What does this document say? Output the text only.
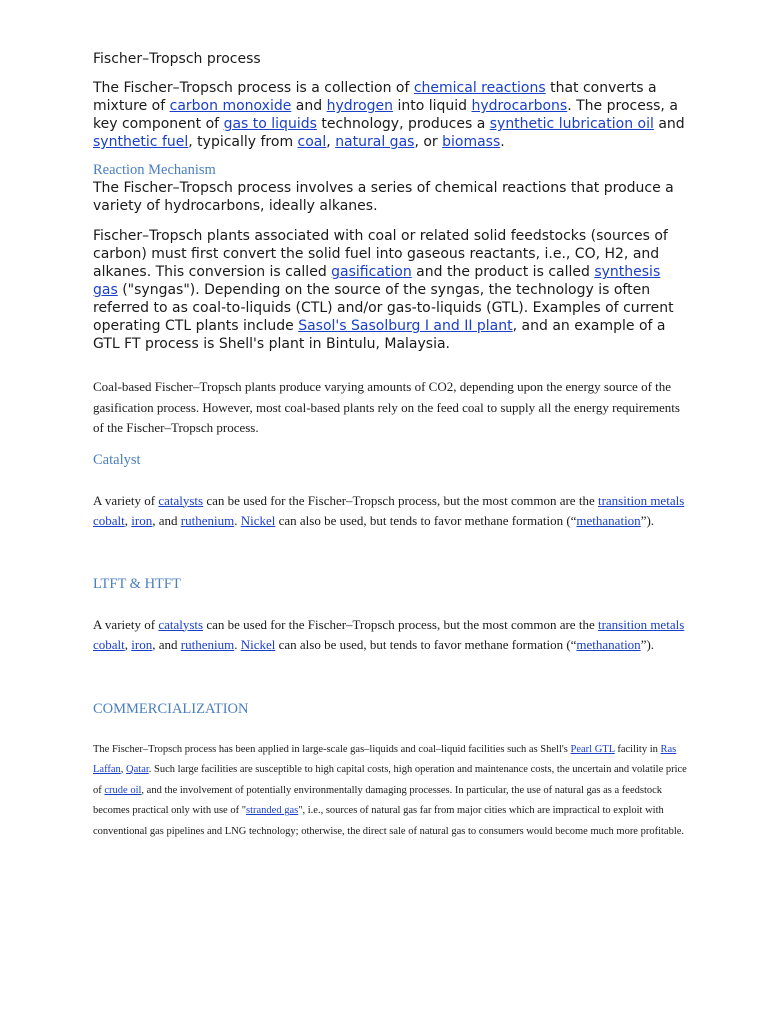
Fischer–Tropsch process

The Fischer–Tropsch process is a collection of chemical reactions that converts a mixture of carbon monoxide and hydrogen into liquid hydrocarbons. The process, a key component of gas to liquids technology, produces a synthetic lubrication oil and synthetic fuel, typically from coal, natural gas, or biomass.

Reaction Mechanism

The Fischer–Tropsch process involves a series of chemical reactions that produce a variety of hydrocarbons, ideally alkanes.

Fischer–Tropsch plants associated with coal or related solid feedstocks (sources of carbon) must first convert the solid fuel into gaseous reactants, i.e., CO, H2, and alkanes. This conversion is called gasification and the product is called synthesis gas ("syngas"). Depending on the source of the syngas, the technology is often referred to as coal-to-liquids (CTL) and/or gas-to-liquids (GTL). Examples of current operating CTL plants include Sasol's Sasolburg I and II plant, and an example of a GTL FT process is Shell's plant in Bintulu, Malaysia.

Coal-based Fischer–Tropsch plants produce varying amounts of CO2, depending upon the energy source of the gasification process. However, most coal-based plants rely on the feed coal to supply all the energy requirements of the Fischer–Tropsch process.

Catalyst

A variety of catalysts can be used for the Fischer–Tropsch process, but the most common are the transition metals cobalt, iron, and ruthenium. Nickel can also be used, but tends to favor methane formation (“methanation”).

LTFT & HTFT

A variety of catalysts can be used for the Fischer–Tropsch process, but the most common are the transition metals cobalt, iron, and ruthenium. Nickel can also be used, but tends to favor methane formation (“methanation”).

COMMERCIALIZATION

The Fischer–Tropsch process has been applied in large-scale gas–liquids and coal–liquid facilities such as Shell's Pearl GTL facility in Ras Laffan, Qatar. Such large facilities are susceptible to high capital costs, high operation and maintenance costs, the uncertain and volatile price of crude oil, and the involvement of potentially environmentally damaging processes. In particular, the use of natural gas as a feedstock becomes practical only with use of "stranded gas", i.e., sources of natural gas far from major cities which are impractical to exploit with conventional gas pipelines and LNG technology; otherwise, the direct sale of natural gas to consumers would become much more profitable.
